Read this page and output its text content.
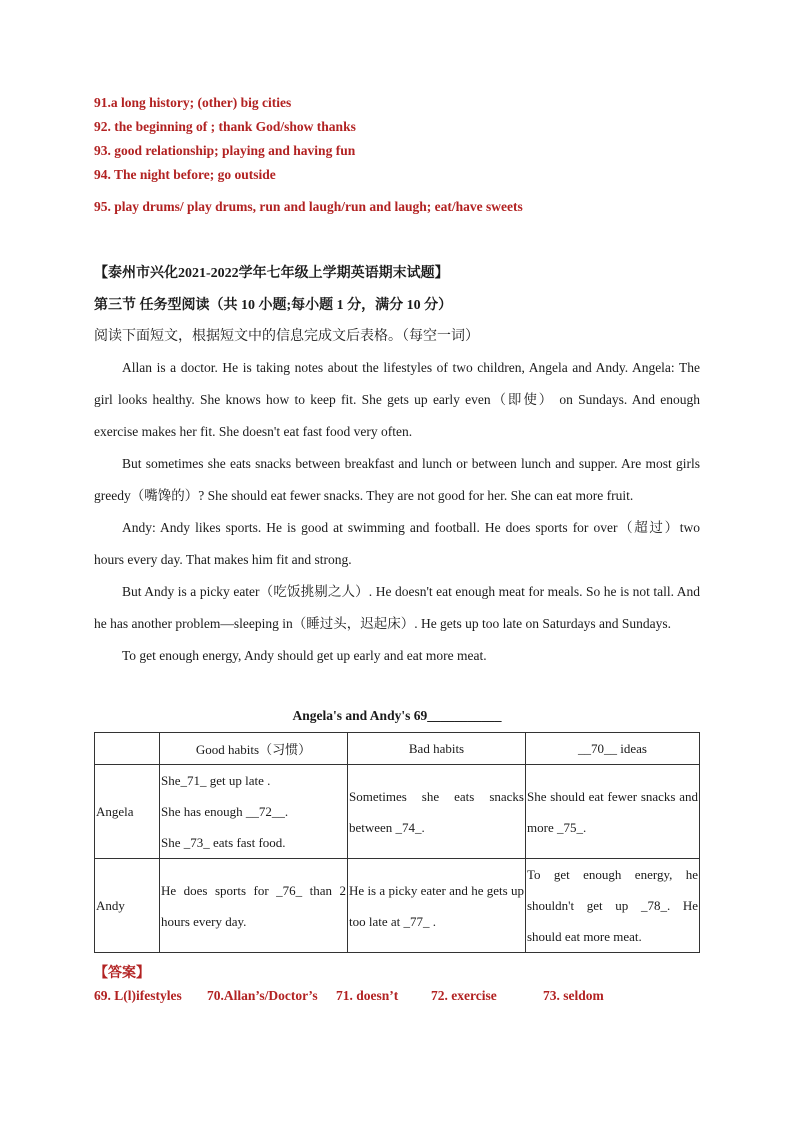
91.a long history; (other) big cities
92. the beginning of ; thank God/show thanks
93. good relationship; playing and having fun
94. The night before; go outside
95. play drums/ play drums, run and laugh/run and laugh; eat/have sweets
【泰州市兴化2021-2022学年七年级上学期英语期末试题】
第三节 任务型阅读（共 10 小题;每小题 1 分，满分 10 分）
阅读下面短文，根据短文中的信息完成文后表格。（每空一词）

Allan is a doctor. He is taking notes about the lifestyles of two children, Angela and Andy. Angela: The girl looks healthy. She knows how to keep fit. She gets up early even（即使） on Sundays. And enough exercise makes her fit. She doesn't eat fast food very often.

But sometimes she eats snacks between breakfast and lunch or between lunch and supper. Are most girls greedy（嘴馋的）? She should eat fewer snacks. They are not good for her. She can eat more fruit.

Andy: Andy likes sports. He is good at swimming and football. He does sports for over（超过）two hours every day. That makes him fit and strong.

But Andy is a picky eater（吃饭挑剔之人）. He doesn't eat enough meat for meals. So he is not tall. And he has another problem—sleeping in（睡过头，迟起床）. He gets up too late on Saturdays and Sundays.

To get enough energy, Andy should get up early and eat more meat.

Angela's and Andy's 69___________
	Good habits（习惯）	Bad habits	__70__ ideas
Angela	She_71_ get up late .
She has enough __72__.
She _73_ eats fast food.	Sometimes she eats snacks between _74_.	She should eat fewer snacks and more _75_.

Andy	He does sports for _76_ than 2 hours every day.	He is a picky eater and he gets up too late at _77_ .	To get enough energy, he shouldn't get up _78_. He should eat more meat.
【答案】
69. L(l)ifestyles 70.Allan’s/Doctor’s 71. doesn’t 72. exercise	73. seldom
